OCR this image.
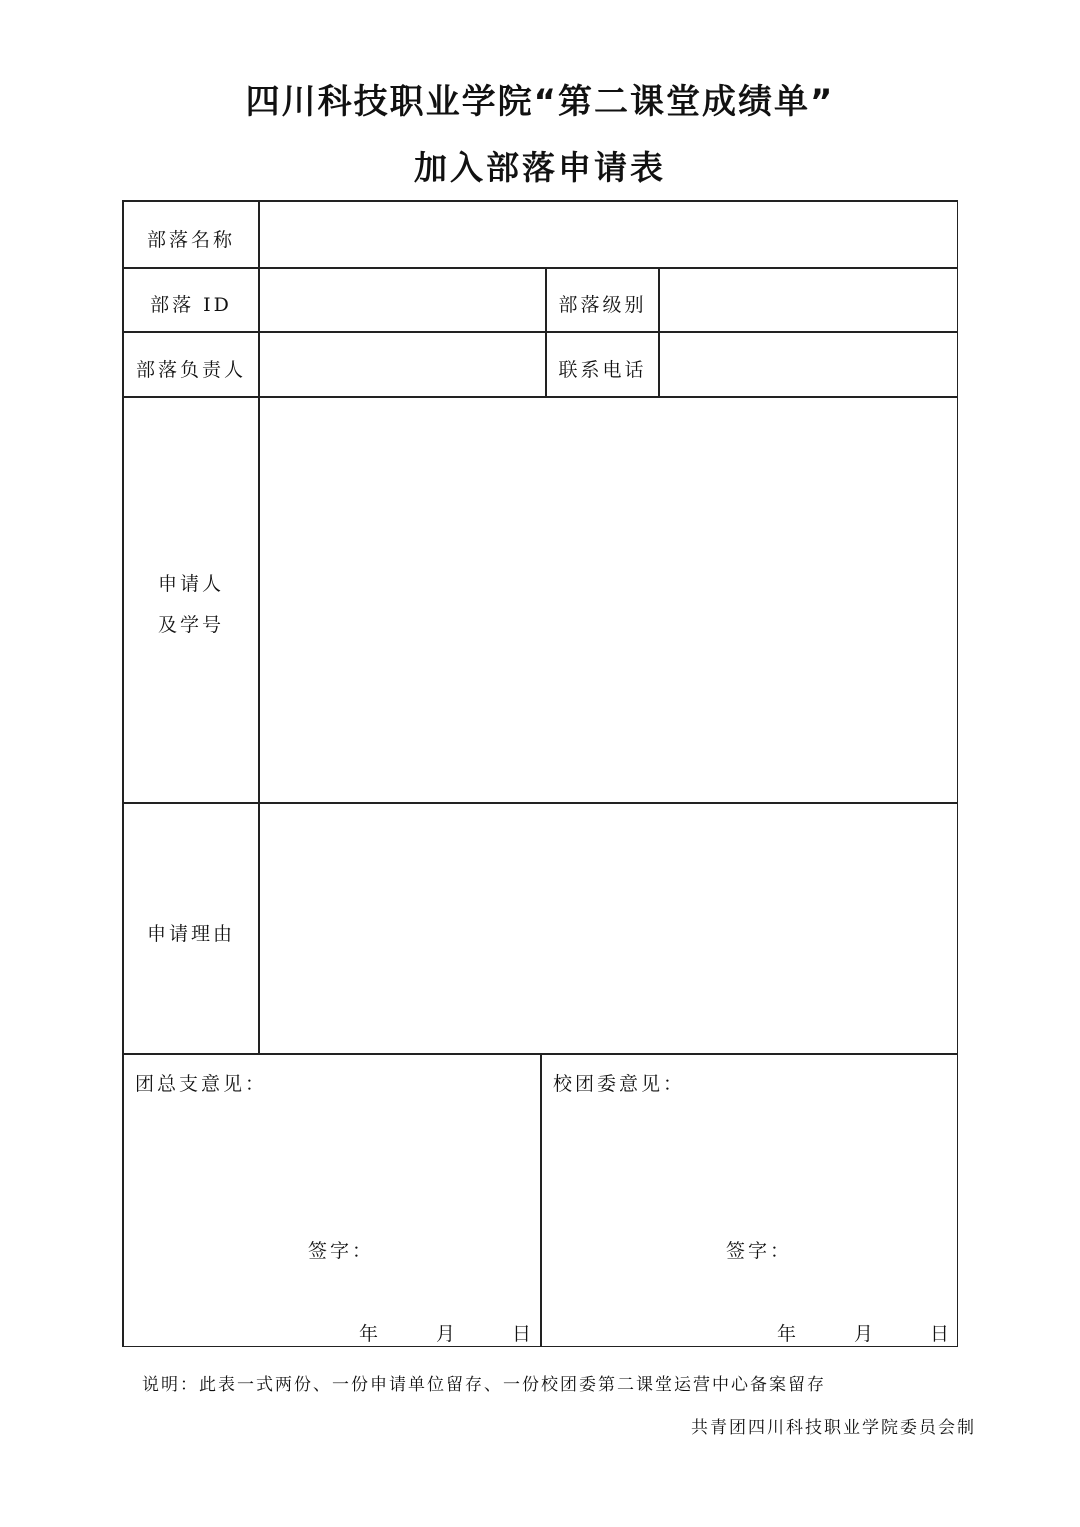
四川科技职业学院“第二课堂成绩单”
加入部落申请表
部落名称
部落 ID	部落级别
部落负责人	联系电话
申请人
及学号
申请理由
团总支意见：
签字：
年	月	日
校团委意见：
签字：
年	月	日
说明：此表一式两份、一份申请单位留存、一份校团委第二课堂运营中心备案留存
共青团四川科技职业学院委员会制
